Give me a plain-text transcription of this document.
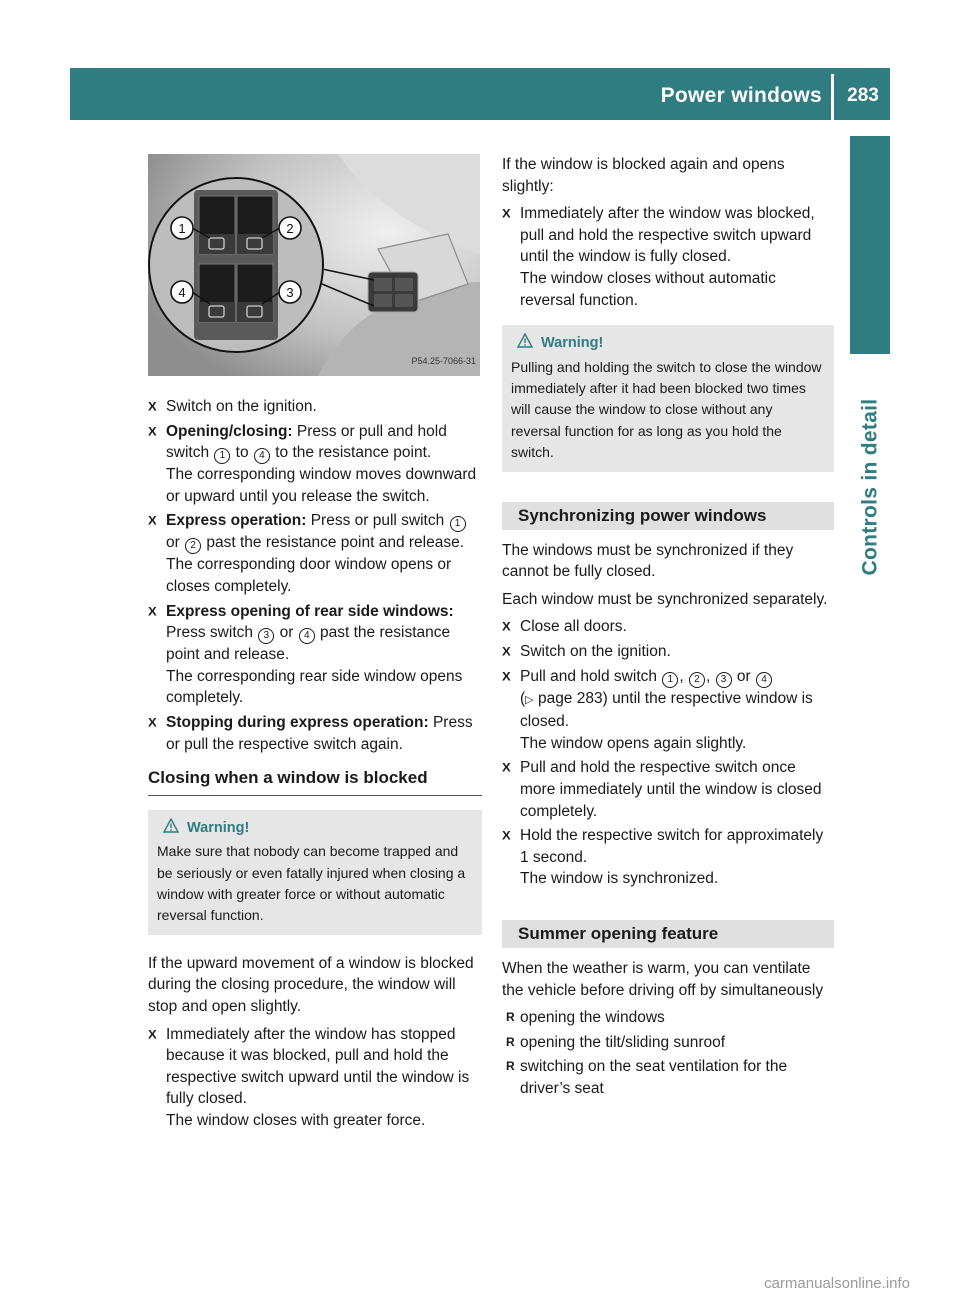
Power windows	283
Controls in detail
1	2
4	3
P54.25-7066-31

X Switch on the ignition.

X Opening/closing: Press or pull and hold switch 1 to 4 to the resistance point.

The corresponding window moves downward or upward until you release the switch.

X Express operation: Press or pull switch 1 or 2 past the resistance point and release.

The corresponding door window opens or closes completely.

X Express opening of rear side windows: Press switch 3 or 4 past the resistance point and release.

The corresponding rear side window opens completely.

X Stopping during express operation: Press or pull the respective switch again.

Closing when a window is blocked
Warning!

Make sure that nobody can become trapped and be seriously or even fatally injured when closing a window with greater force or without automatic reversal function.

If the upward movement of a window is blocked during the closing procedure, the window will stop and open slightly.

X Immediately after the window has stopped because it was blocked, pull and hold the respective switch upward until the window is fully closed.

The window closes with greater force.

If the window is blocked again and opens slightly:

X Immediately after the window was blocked, pull and hold the respective switch upward until the window is fully closed.

The window closes without automatic reversal function.

Warning!

Pulling and holding the switch to close the window immediately after it had been blocked two times will cause the window to close without any reversal function for as long as you hold the switch.

Synchronizing power windows

The windows must be synchronized if they cannot be fully closed.

Each window must be synchronized separately.

X Close all doors.

X Switch on the ignition.

X Pull and hold switch 1 , 2 , 3 or 4
(▷ page 283) until the respective window is closed.

The window opens again slightly.

X Pull and hold the respective switch once more immediately until the window is closed completely.

X Hold the respective switch for approximately 1 second.

The window is synchronized.

Summer opening feature

When the weather is warm, you can ventilate the vehicle before driving off by simultaneously

R opening the windows
R opening the tilt/sliding sunroof
R switching on the seat ventilation for the driver’s seat
carmanualsonline.info
